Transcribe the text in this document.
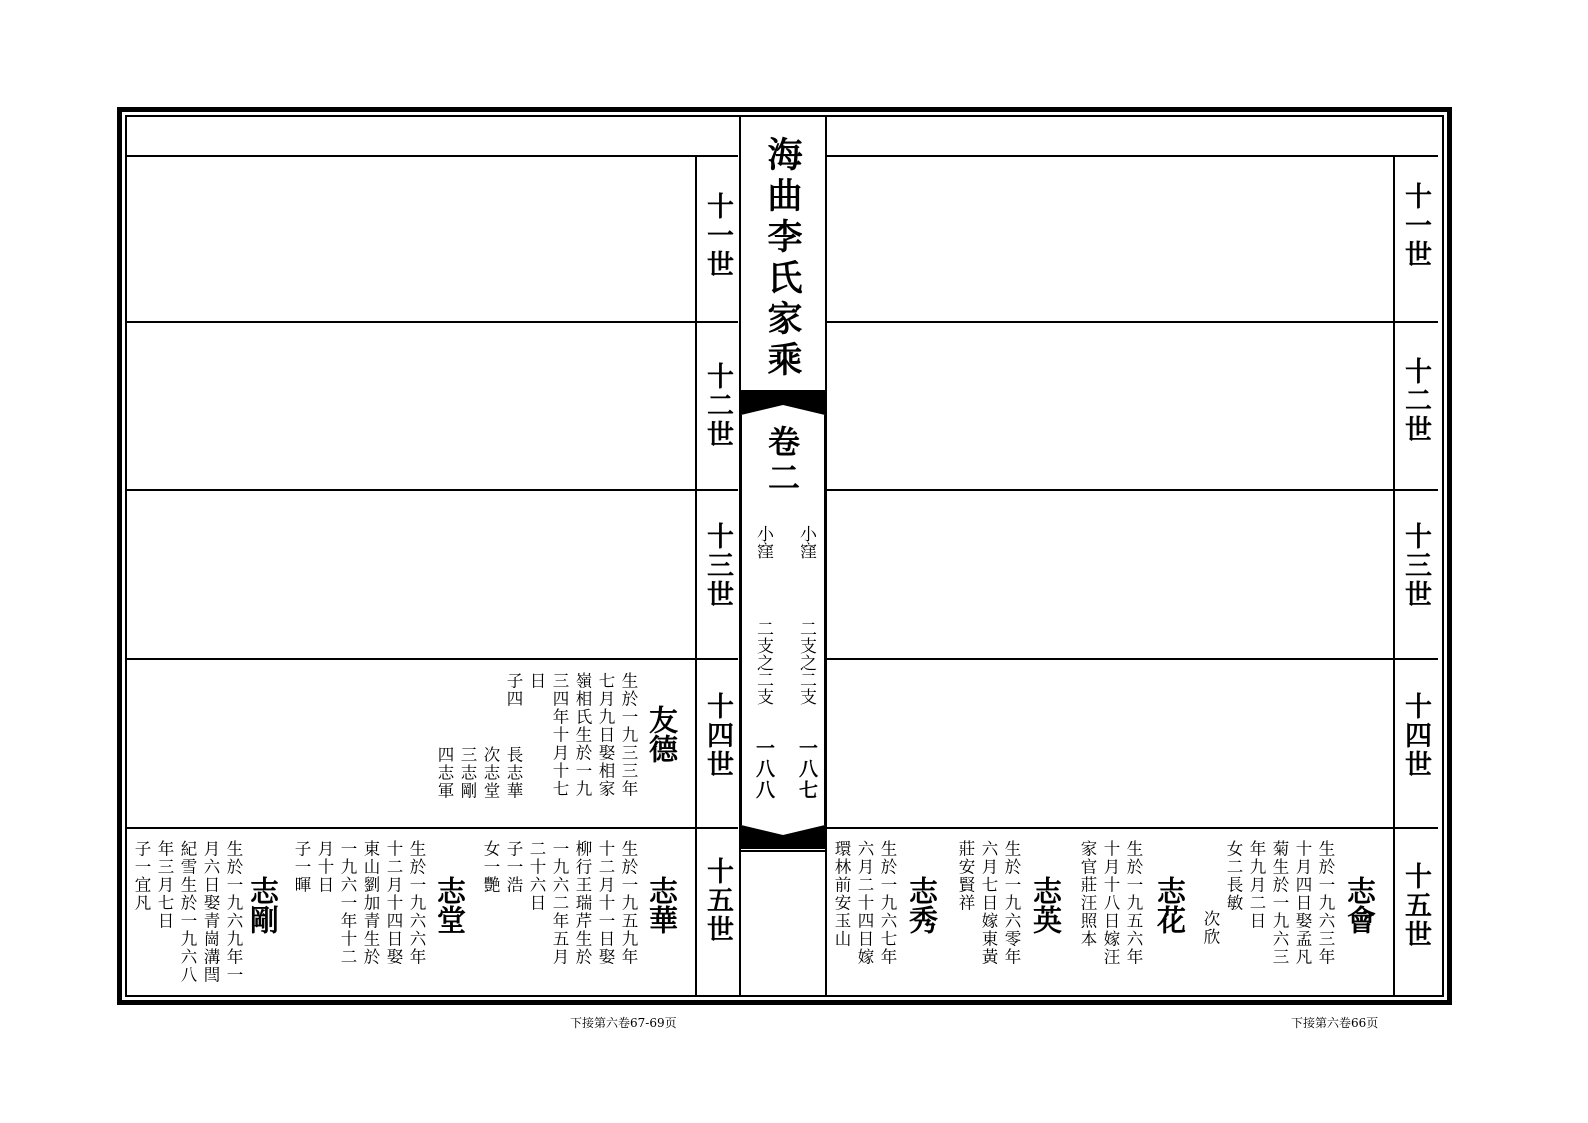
十一世
十二世
十三世
十四世
十五世
友德
生於一九三三年
七月九日娶相家
嶺相氏生於一九
三四年十月十七
日
子四
長志華
次志堂
三志剛
四志軍
志華
生於一九五九年
十二月十一日娶
柳行王瑞芹生於
一九六二年五月
二十六日
子一浩
女一艷
志堂
生於一九六六年
十二月十四日娶
東山劉加青生於
一九六一年十二
月十日
子一暉
志剛
生於一九六九年一
月六日娶青崗溝閆
紀雪生於一九六八
年三月七日
子一宜凡
海曲李氏家乘
卷二
小窪
二支之二支
一八七
小窪
二支之二支
一八八
十一世
十二世
十三世
十四世
十五世
志會
生於一九六三年
十月四日娶孟凡
菊生於一九六三
年九月二日
女二長敏
次欣
志花
生於一九五六年
十月十八日嫁汪
家官莊汪照本
志英
生於一九六零年
六月七日嫁東黃
莊安賢祥
志秀
生於一九六七年
六月二十四日嫁
環林前安玉山
下接第六卷67-69页	下接第六卷66页
